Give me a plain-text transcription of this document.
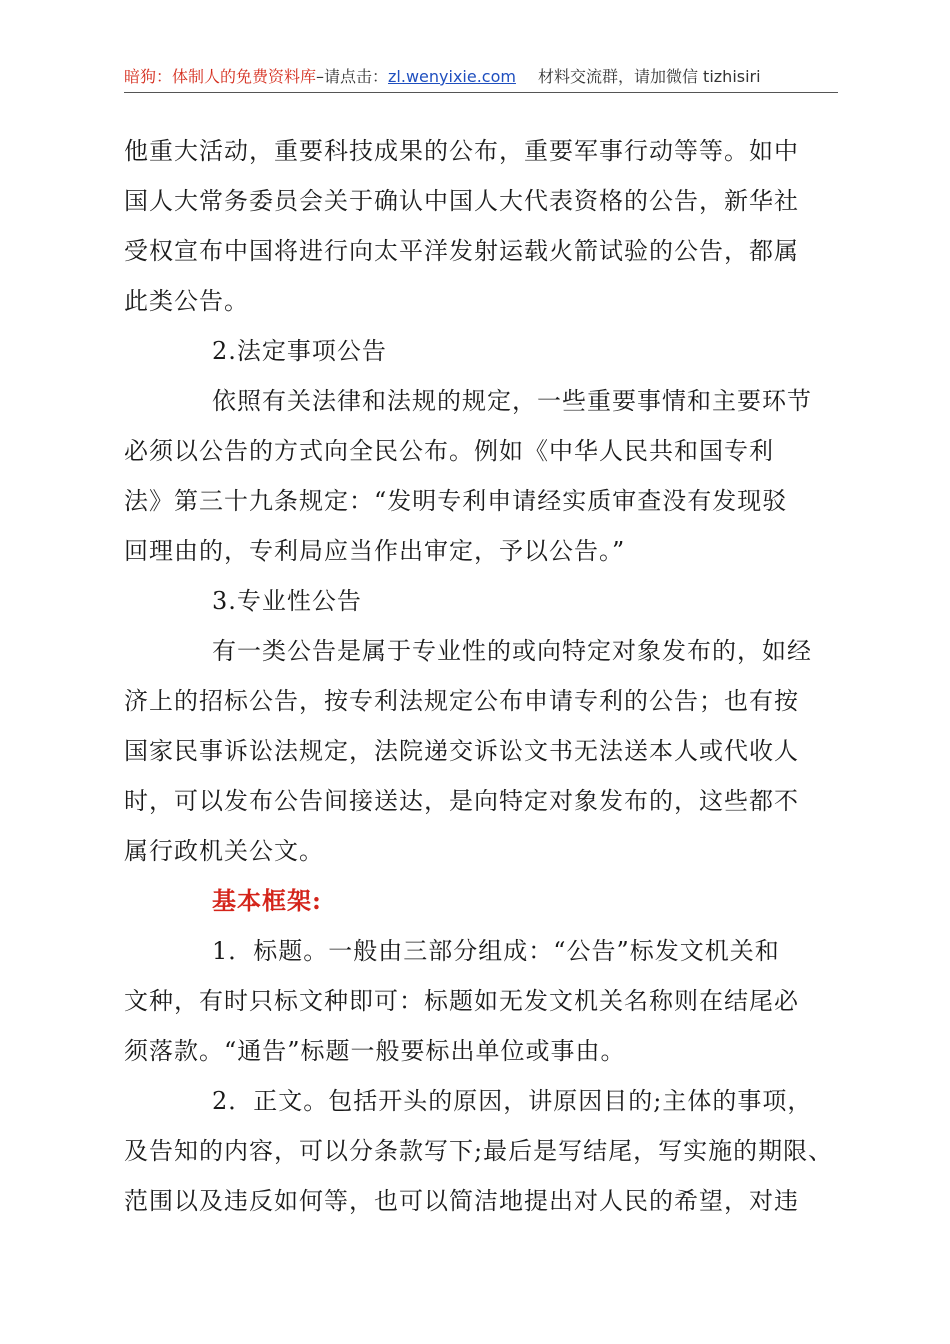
暗狗：体制人的免费资料库–请点击：zl.wenyixie.com 材料交流群，请加微信 tizhisiri
他重大活动，重要科技成果的公布，重要军事行动等等。如中
国人大常务委员会关于确认中国人大代表资格的公告，新华社
受权宣布中国将进行向太平洋发射运载火箭试验的公告，都属
此类公告。
2.法定事项公告
依照有关法律和法规的规定，一些重要事情和主要环节
必须以公告的方式向全民公布。例如《中华人民共和国专利
法》第三十九条规定：“发明专利申请经实质审查没有发现驳
回理由的，专利局应当作出审定，予以公告。”
3.专业性公告
有一类公告是属于专业性的或向特定对象发布的，如经
济上的招标公告，按专利法规定公布申请专利的公告；也有按
国家民事诉讼法规定，法院递交诉讼文书无法送本人或代收人
时，可以发布公告间接送达，是向特定对象发布的，这些都不
属行政机关公文。
基本框架:
1．标题。一般由三部分组成：“公告”标发文机关和
文种，有时只标文种即可：标题如无发文机关名称则在结尾必
须落款。“通告”标题一般要标出单位或事由。
2．正文。包括开头的原因，讲原因目的;主体的事项，
及告知的内容，可以分条款写下;最后是写结尾，写实施的期限、
范围以及违反如何等，也可以简洁地提出对人民的希望，对违
